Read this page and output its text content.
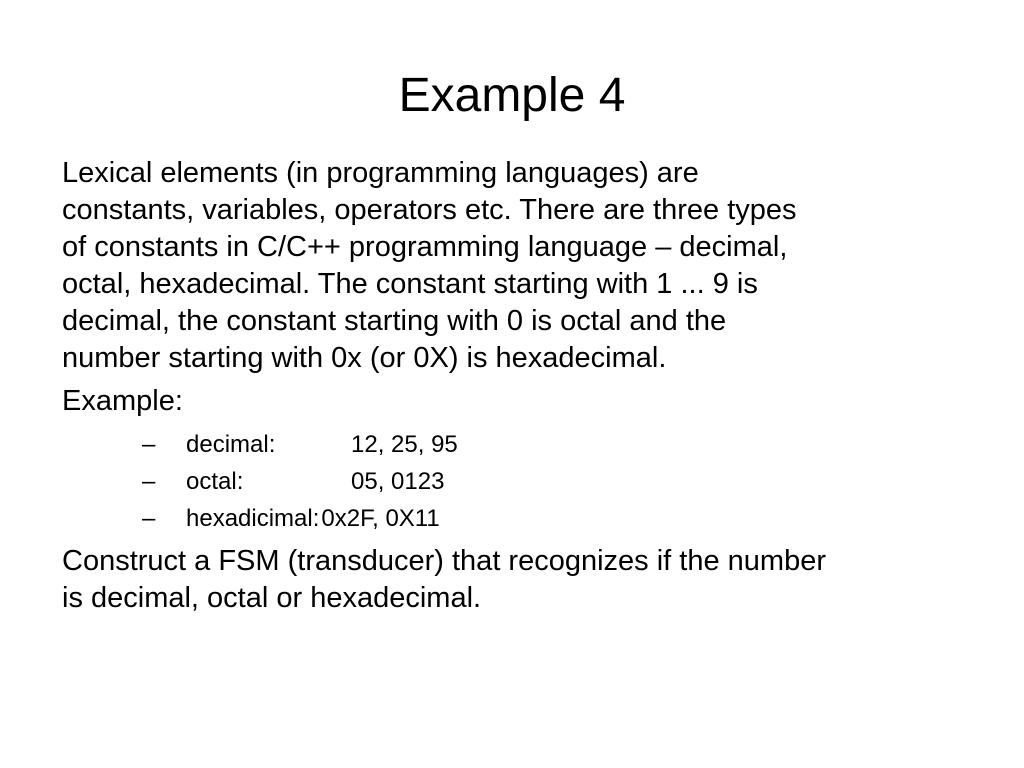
Example 4

Lexical elements (in programming languages) are

constants, variables, operators etc. There are three types

of constants in C/C++ programming language – decimal,

octal, hexadecimal. The constant starting with 1 ... 9 is

decimal, the constant starting with 0 is octal and the

number starting with 0x (or 0X) is hexadecimal.

Example:

–	decimal:	12, 25, 95
–	octal:	05, 0123
–	hexadicimal: 0x2F, 0X11

Construct a FSM (transducer) that recognizes if the number

is decimal, octal or hexadecimal.
